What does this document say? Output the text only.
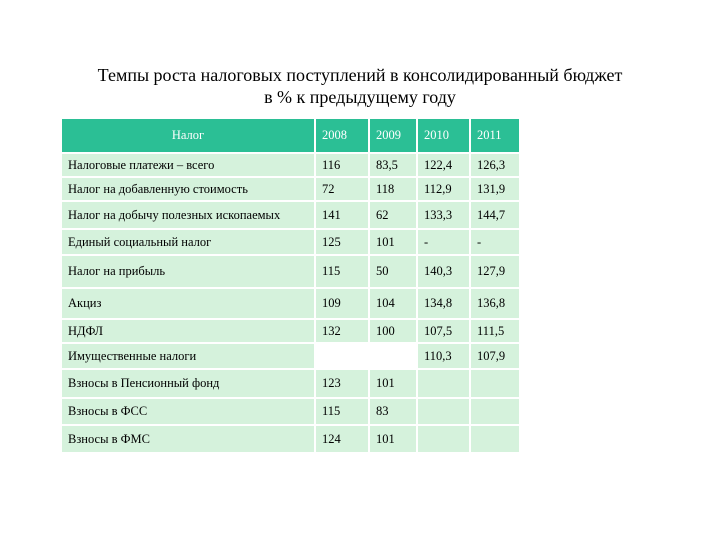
Темпы роста налоговых поступлений в консолидированный бюджет
в % к предыдущему году
Налог	2008	2009	2010	2011
Налоговые платежи – всего	116	83,5	122,4	126,3
Налог на добавленную стоимость	72	118	112,9	131,9
Налог на добычу полезных ископаемых	141	62	133,3	144,7
Единый социальный налог	125	101	-	-
Налог на прибыль	115	50	140,3	127,9
Акциз	109	104	134,8	136,8
НДФЛ	132	100	107,5	111,5
Имущественные налоги			110,3	107,9
Взносы в Пенсионный фонд	123	101		
Взносы в ФСС	115	83		
Взносы в ФМС	124	101		
